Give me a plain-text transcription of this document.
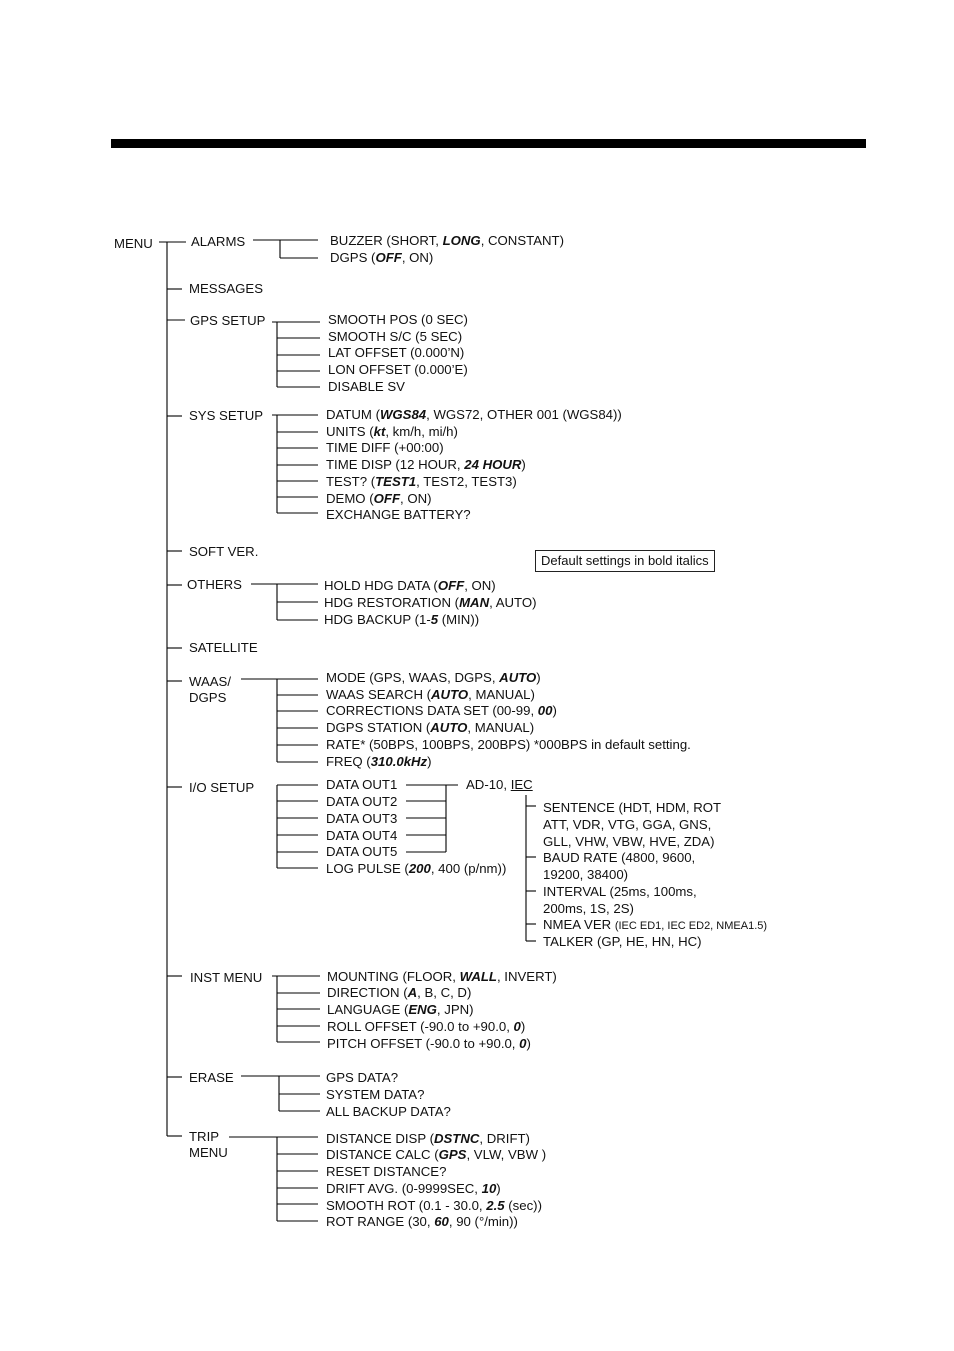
Default settings in bold italics
MENU	ALARMS	BUZZER (SHORT, LONG, CONSTANT)
DGPS (OFF, ON)
MESSAGES
GPS SETUP	SMOOTH POS (0 SEC)
SMOOTH S/C (5 SEC)
LAT OFFSET (0.000’N)
LON OFFSET (0.000’E)
DISABLE SV
SYS SETUP	DATUM (WGS84, WGS72, OTHER 001 (WGS84))
UNITS (kt, km/h, mi/h)
TIME DIFF (+00:00)
TIME DISP (12 HOUR, 24 HOUR)
TEST? (TEST1, TEST2, TEST3)
DEMO (OFF, ON)
EXCHANGE BATTERY?
SOFT VER.
OTHERS	HOLD HDG DATA (OFF, ON)
HDG RESTORATION (MAN, AUTO)
HDG BACKUP (1-5 (MIN))
SATELLITE
WAAS/
DGPS
MODE (GPS, WAAS, DGPS, AUTO)
WAAS SEARCH (AUTO, MANUAL)
CORRECTIONS DATA SET (00-99, 00)
DGPS STATION (AUTO, MANUAL)
RATE* (50BPS, 100BPS, 200BPS) *000BPS in default setting.
FREQ (310.0kHz)
I/O SETUP	DATA OUT1
DATA OUT2
DATA OUT3
DATA OUT4
DATA OUT5
LOG PULSE (200, 400 (p/nm))
AD-10, IEC
SENTENCE (HDT, HDM, ROT
ATT, VDR, VTG, GGA, GNS,
GLL, VHW, VBW, HVE, ZDA)
BAUD RATE (4800, 9600,
19200, 38400)
INTERVAL (25ms, 100ms,
200ms, 1S, 2S)
NMEA VER (IEC ED1, IEC ED2, NMEA1.5)
TALKER (GP, HE, HN, HC)
INST MENU	MOUNTING (FLOOR, WALL, INVERT)
DIRECTION (A, B, C, D)
LANGUAGE (ENG, JPN)
ROLL OFFSET (-90.0 to +90.0, 0)
PITCH OFFSET (-90.0 to +90.0, 0)
ERASE	GPS DATA?
SYSTEM DATA?
ALL BACKUP DATA?
TRIP
MENU
DISTANCE DISP (DSTNC, DRIFT)
DISTANCE CALC (GPS, VLW, VBW )
RESET DISTANCE?
DRIFT AVG. (0-9999SEC, 10)
SMOOTH ROT (0.1 - 30.0, 2.5 (sec))
ROT RANGE (30, 60, 90 (°/min))
